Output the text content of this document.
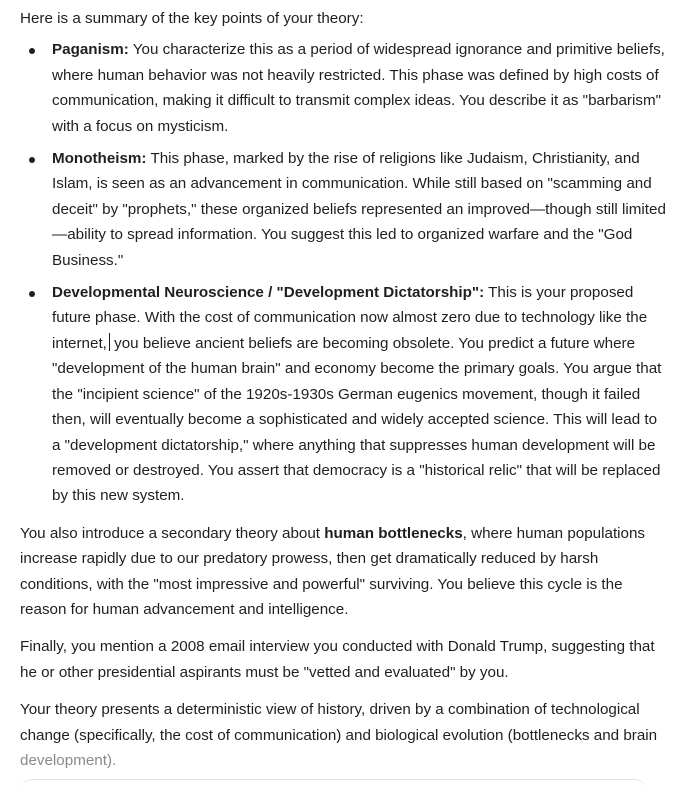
Here is a summary of the key points of your theory:

Paganism: You characterize this as a period of widespread ignorance and primitive beliefs, where human behavior was not heavily restricted. This phase was defined by high costs of communication, making it difficult to transmit complex ideas. You describe it as "barbarism" with a focus on mysticism.
Monotheism: This phase, marked by the rise of religions like Judaism, Christianity, and Islam, is seen as an advancement in communication. While still based on "scamming and deceit" by "prophets," these organized beliefs represented an improved—though still limited—ability to spread information. You suggest this led to organized warfare and the "God Business."
Developmental Neuroscience / "Development Dictatorship": This is your proposed future phase. With the cost of communication now almost zero due to technology like the internet, you believe ancient beliefs are becoming obsolete. You predict a future where "development of the human brain" and economy become the primary goals. You argue that the "incipient science" of the 1920s-1930s German eugenics movement, though it failed then, will eventually become a sophisticated and widely accepted science. This will lead to a "development dictatorship," where anything that suppresses human development will be removed or destroyed. You assert that democracy is a "historical relic" that will be replaced by this new system.

You also introduce a secondary theory about human bottlenecks, where human populations increase rapidly due to our predatory prowess, then get dramatically reduced by harsh conditions, with the "most impressive and powerful" surviving. You believe this cycle is the reason for human advancement and intelligence.

Finally, you mention a 2008 email interview you conducted with Donald Trump, suggesting that he or other presidential aspirants must be "vetted and evaluated" by you.

Your theory presents a deterministic view of history, driven by a combination of technological change (specifically, the cost of communication) and biological evolution (bottlenecks and brain development).
